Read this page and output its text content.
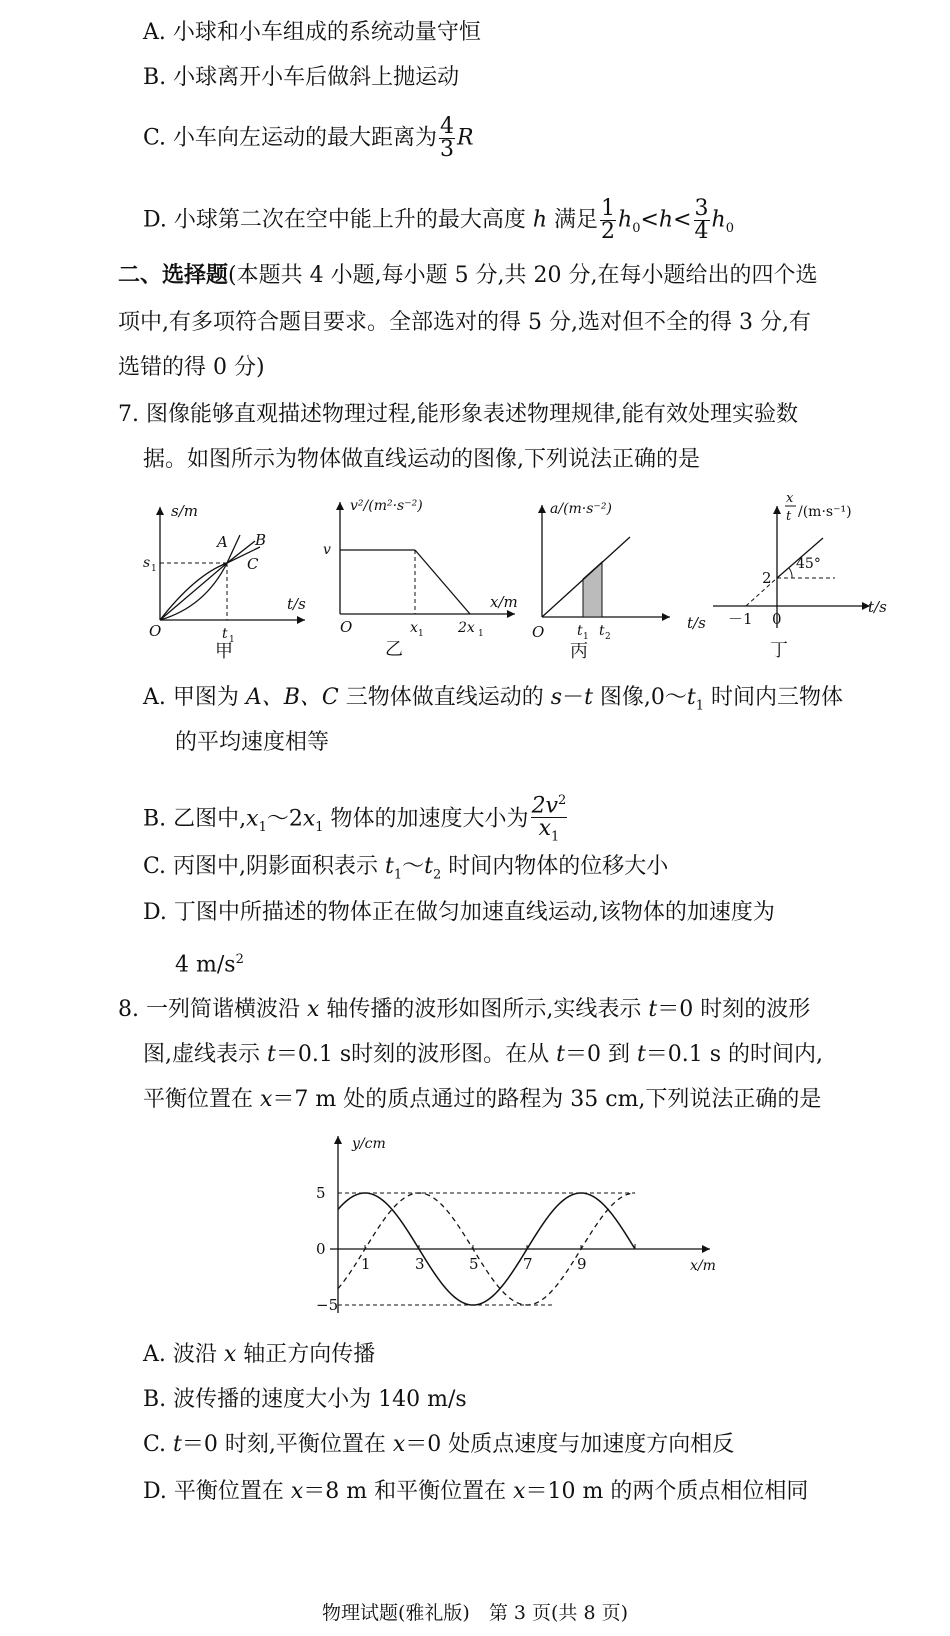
A. 小球和小车组成的系统动量守恒
B. 小球离开小车后做斜上抛运动
C. 小车向左运动的最大距离为 $\frac{4}{3}$ R
D. 小球第二次在空中能上升的最大高度 h 满足 $\frac{1}{2} h_0<h< \frac{3}{4} h_0$
二、选择题(本题共 4 小题,每小题 5 分,共 20 分,在每小题给出的四个选
项中,有多项符合题目要求。全部选对的得 5 分,选对但不全的得 3 分,有
选错的得 0 分)
7. 图像能够直观描述物理过程,能形象表述物理规律,能有效处理实验数
据。如图所示为物体做直线运动的图像,下列说法正确的是
s/m
s 1
A B
C
O	t 1
t/s
甲
v²/(m²·s⁻²)
v
O	x 1 2x 1
x/m
乙
a/(m·s⁻²)
O t 1 t 2
t/s
丙
x
t /(m·s⁻¹)
2
45°
－1 0
t/s
丁
A. 甲图为 A、B、C 三物体做直线运动的 s－t 图像$,0\sim t_1$ 时间内三物体
的平均速度相等
B. 乙图中$,x_1\sim 2x_1$ 物体的加速度大小为 $\frac{2v^2}{x_1}$
C. 丙图中,阴影面积表示 $t_1\sim t_2$ 时间内物体的位移大小
D. 丁图中所描述的物体正在做匀加速直线运动,该物体的加速度为
4 $m/s^2$
8. 一列简谐横波沿 x 轴传播的波形如图所示,实线表示 t＝0 时刻的波形
图,虚线表示 t＝0.1 s时刻的波形图。在从 t＝0 到 t＝0.1 s 的时间内,
平衡位置在 x＝7 m 处的质点通过的路程为 35 cm,下列说法正确的是
y/cm
x/m
5
0
−5
1	3	5	7	9
A. 波沿 x 轴正方向传播
B. 波传播的速度大小为 140 m/s
C. t＝0 时刻,平衡位置在 x＝0 处质点速度与加速度方向相反
D. 平衡位置在 x＝8 m 和平衡位置在 x＝10 m 的两个质点相位相同
物理试题(雅礼版)　第 3 页(共 8 页)
